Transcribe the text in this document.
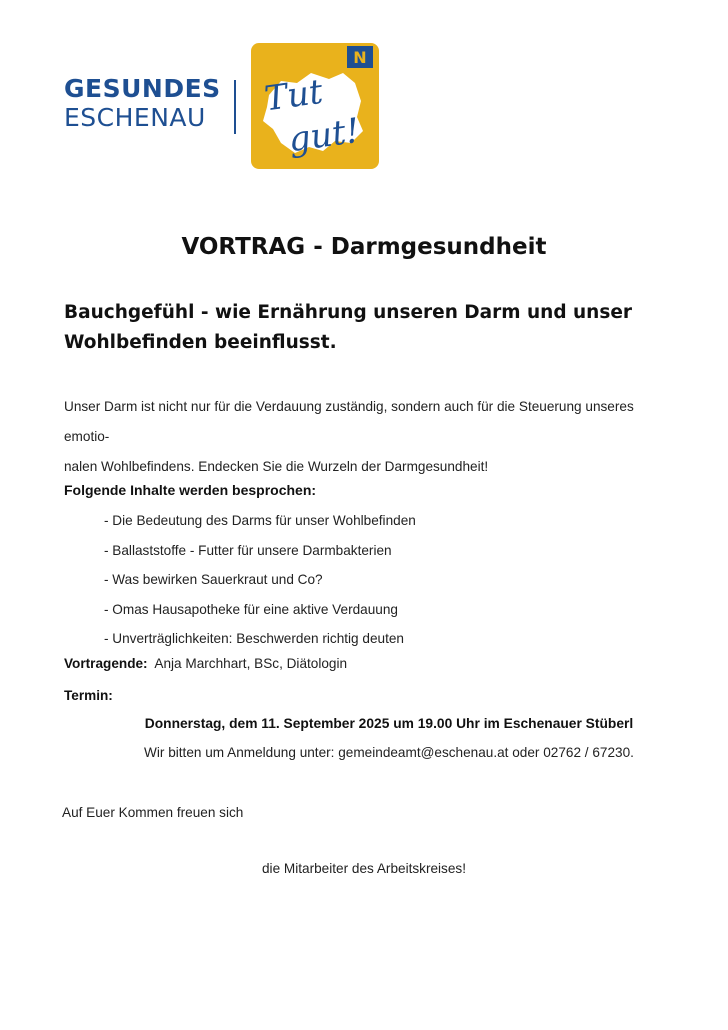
GESUNDES
ESCHENAU
N
Tut
gut!
VORTRAG - Darmgesundheit
Bauchgefühl - wie Ernährung unseren Darm und unser Wohlbefinden beeinflusst.
Unser Darm ist nicht nur für die Verdauung zuständig, sondern auch für die Steuerung unseres emotio-
nalen Wohlbefindens. Endecken Sie die Wurzeln der Darmgesundheit!
Folgende Inhalte werden besprochen:
- Die Bedeutung des Darms für unser Wohlbefinden
- Ballaststoffe - Futter für unsere Darmbakterien
- Was bewirken Sauerkraut und Co?
- Omas Hausapotheke für eine aktive Verdauung
- Unverträglichkeiten: Beschwerden richtig deuten
Vortragende: Anja Marchhart, BSc, Diätologin
Termin:
Donnerstag, dem 11. September 2025 um 19.00 Uhr im Eschenauer Stüberl
Wir bitten um Anmeldung unter: gemeindeamt@eschenau.at oder 02762 / 67230.
Auf Euer Kommen freuen sich
die Mitarbeiter des Arbeitskreises!
